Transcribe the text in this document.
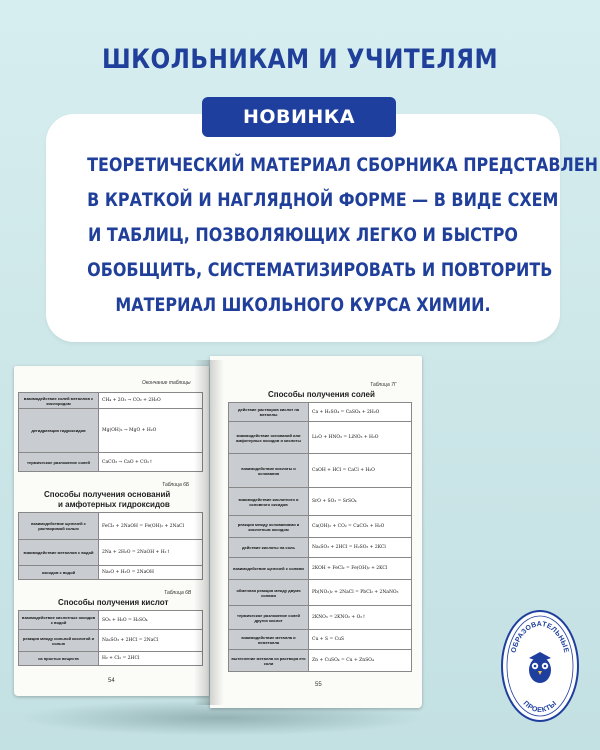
ШКОЛЬНИКАМ И УЧИТЕЛЯМ
НОВИНКА
ТЕОРЕТИЧЕСКИЙ МАТЕРИАЛ СБОРНИКА ПРЕДСТАВЛЕН
В КРАТКОЙ И НАГЛЯДНОЙ ФОРМЕ — В ВИДЕ СХЕМ
И ТАБЛИЦ, ПОЗВОЛЯЮЩИХ ЛЕГКО И БЫСТРО
ОБОБЩИТЬ, СИСТЕМАТИЗИРОВАТЬ И ПОВТОРИТЬ
МАТЕРИАЛ ШКОЛЬНОГО КУРСА ХИМИИ.
Окончание таблицы
взаимодействие солей металлов с кислородом	CH₄ + 2O₂ → CO₂ + 2H₂O
дегидратация гидроксидов	Mg(OH)₂ → MgO + H₂O
термическое разложение солей	CaCO₃ → CaO + CO₂↑
Таблица 6Б
Способы получения оснований
и амфотерных гидроксидов
взаимодействие щелочей с растворимой солью	FeCl₃ + 2NaOH = Fe(OH)₂ + 2NaCl
взаимодействие металлов с водой	2Na + 2H₂O = 2NaOH + H₂↑
оксидов с водой	Na₂O + H₂O = 2NaOH
Таблица 6В
Способы получения кислот
взаимодействие кислотных оксидов с водой	SO₃ + H₂O = H₂SO₄
реакция между сильной кислотой и солью	Na₂SO₃ + 2HCl = 2NaCl
из простых веществ	H₂ + Cl₂ = 2HCl
54
Таблица 7Г
Способы получения солей
действие растворов кислот на металлы	Ca + H₂SO₄ = CaSO₄ + 2H₂O
взаимодействие оснований или амфотерных оксидов и кислоты	Li₂O + HNO₃ = LiNO₃ + H₂O
взаимодействие кислоты и основания	CaOH + HCl = CaCl + H₂O
взаимодействие кислотного и основного оксидов	SrO + SO₃ = SrSO₄
реакция между основаниями и кислотным оксидом	Ca(OH)₂ + CO₂ = CaCO₃ + H₂O
действие кислоты на соль	Na₂SO₃ + 2HCl = H₂SO₃ + 2KCl
взаимодействие щелочей с солями	2KOH + FeCl₂ = Fe(OH)₂ + 2KCl
обменная реакция между двумя солями	Pb(NO₃)₂ + 2NaCl = PbCl₂ + 2NaNO₃
термическое разложение солей других кислот	2KNO₃ = 2KNO₂ + O₂↑
взаимодействие металла и неметалла	Cu + S = CuS
вытеснение металла из раствора его соли	Zn + CuSO₄ = Cu + ZnSO₄
55
ОБРАЗОВАТЕЛЬНЫЕ
ПРОЕКТЫ
